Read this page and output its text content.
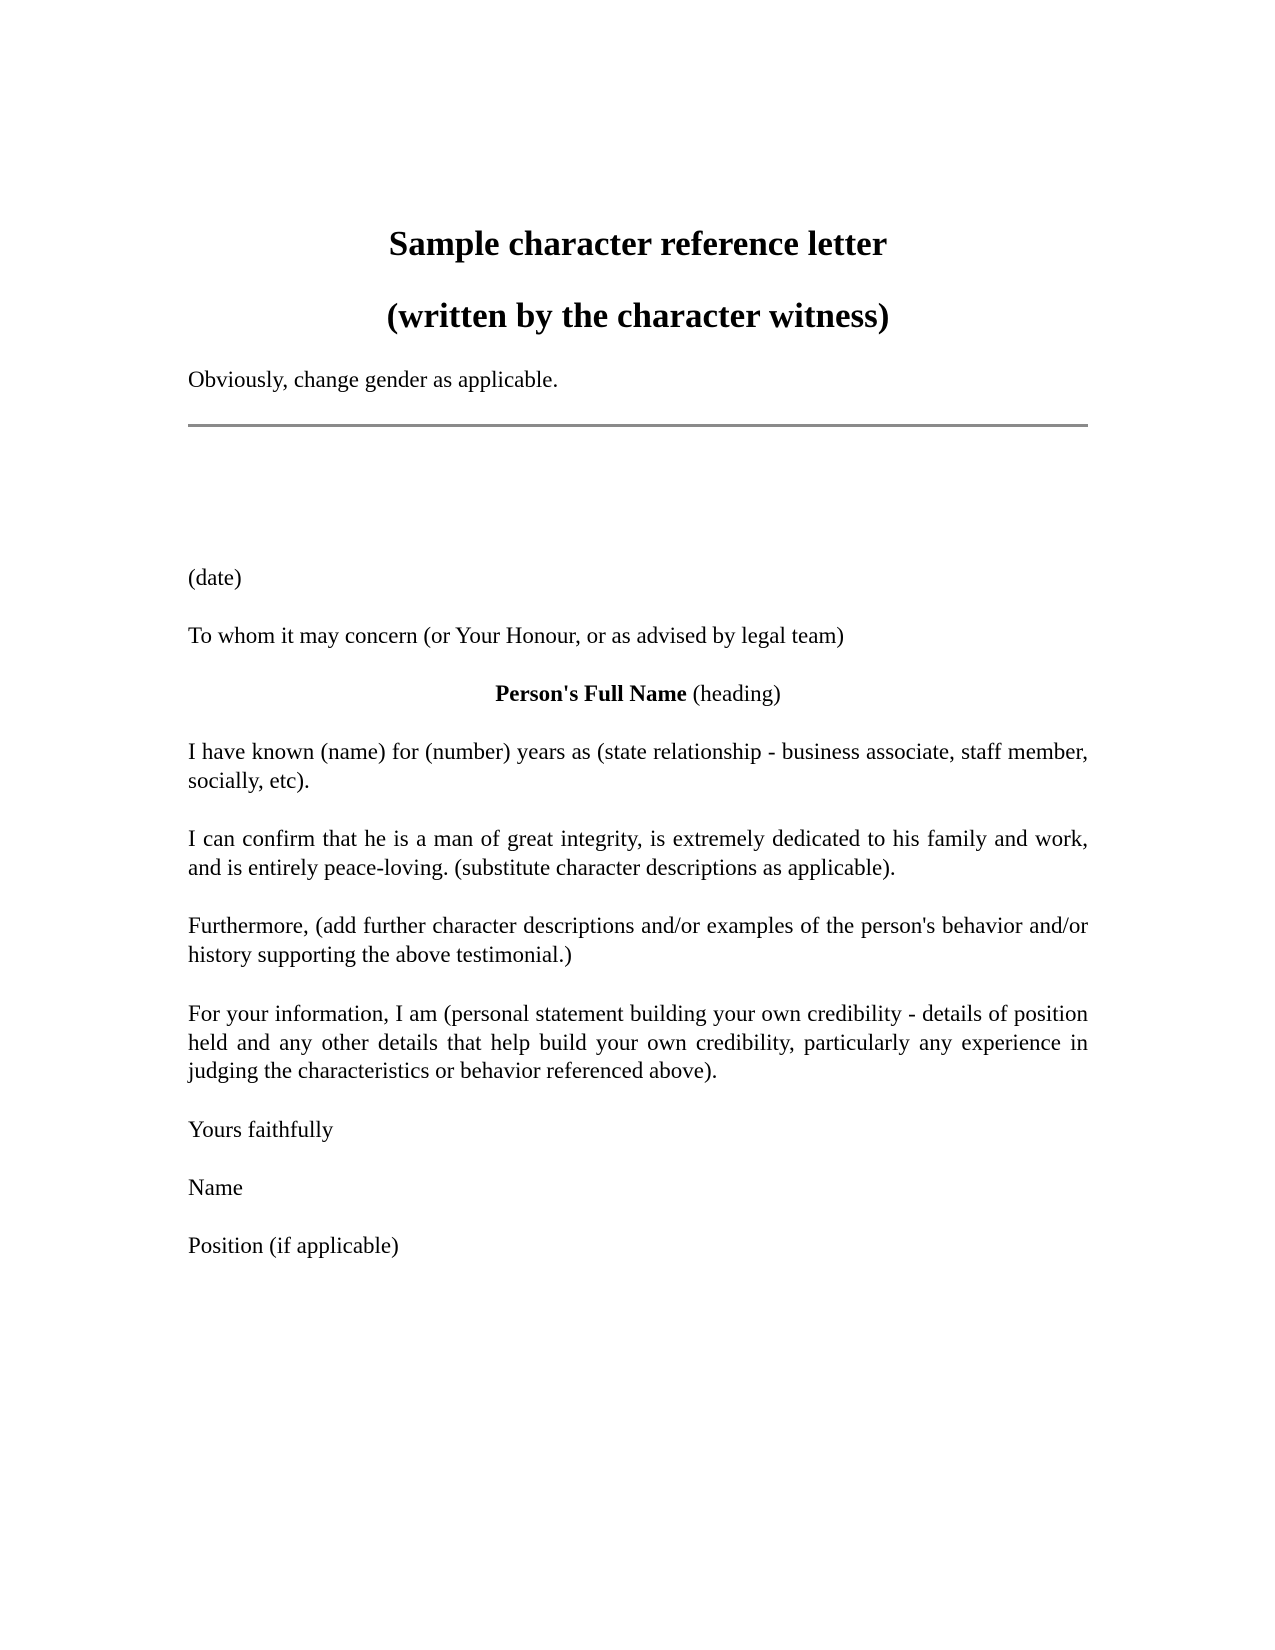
Sample character reference letter
(written by the character witness)
Obviously, change gender as applicable.
(date)
To whom it may concern (or Your Honour, or as advised by legal team)
Person's Full Name (heading)
I have known (name) for (number) years as (state relationship - business associate, staff member, socially, etc).
I can confirm that he is a man of great integrity, is extremely dedicated to his family and work, and is entirely peace-loving. (substitute character descriptions as applicable).
Furthermore, (add further character descriptions and/or examples of the person's behavior and/or history supporting the above testimonial.)
For your information, I am (personal statement building your own credibility - details of position held and any other details that help build your own credibility, particularly any experience in judging the characteristics or behavior referenced above).
Yours faithfully
Name
Position (if applicable)
